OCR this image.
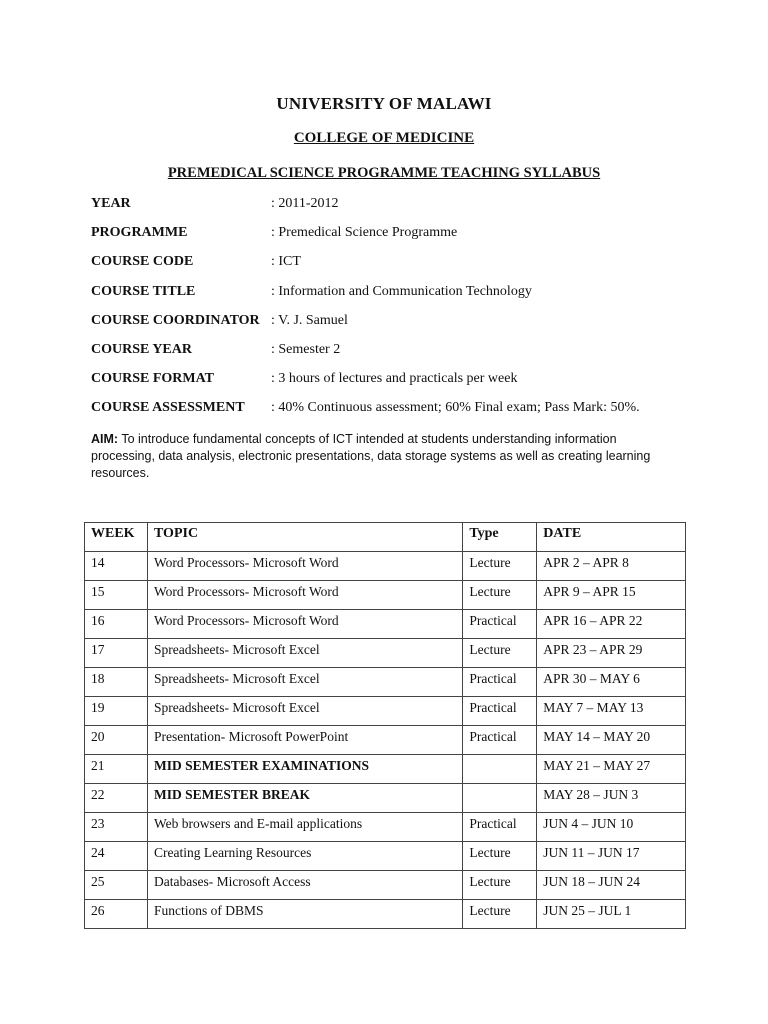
UNIVERSITY OF MALAWI
COLLEGE OF MEDICINE
PREMEDICAL SCIENCE PROGRAMME TEACHING SYLLABUS
YEAR	: 2011-2012
PROGRAMME	: Premedical Science Programme
COURSE CODE	: ICT
COURSE TITLE	: Information and Communication Technology
COURSE COORDINATOR : V. J. Samuel
COURSE YEAR	: Semester 2
COURSE FORMAT	: 3 hours of lectures and practicals per week
COURSE ASSESSMENT : 40% Continuous assessment; 60% Final exam; Pass Mark: 50%.
AIM: To introduce fundamental concepts of ICT intended at students understanding information processing, data analysis, electronic presentations, data storage systems as well as creating learning resources.
WEEK	TOPIC	Type	DATE
14	Word Processors- Microsoft Word	Lecture	APR 2 – APR 8
15	Word Processors- Microsoft Word	Lecture	APR 9 – APR 15
16	Word Processors- Microsoft Word	Practical	APR 16 – APR 22
17	Spreadsheets- Microsoft Excel	Lecture	APR 23 – APR 29
18	Spreadsheets- Microsoft Excel	Practical	APR 30 – MAY 6
19	Spreadsheets- Microsoft Excel	Practical	MAY 7 – MAY 13
20	Presentation- Microsoft PowerPoint	Practical	MAY 14 – MAY 20
21	MID SEMESTER EXAMINATIONS		MAY 21 – MAY 27
22	MID SEMESTER BREAK		MAY 28 – JUN 3
23	Web browsers and E-mail applications	Practical	JUN 4 – JUN 10
24	Creating Learning Resources	Lecture	JUN 11 – JUN 17
25	Databases- Microsoft Access	Lecture	JUN 18 – JUN 24
26	Functions of DBMS	Lecture	JUN 25 – JUL 1
